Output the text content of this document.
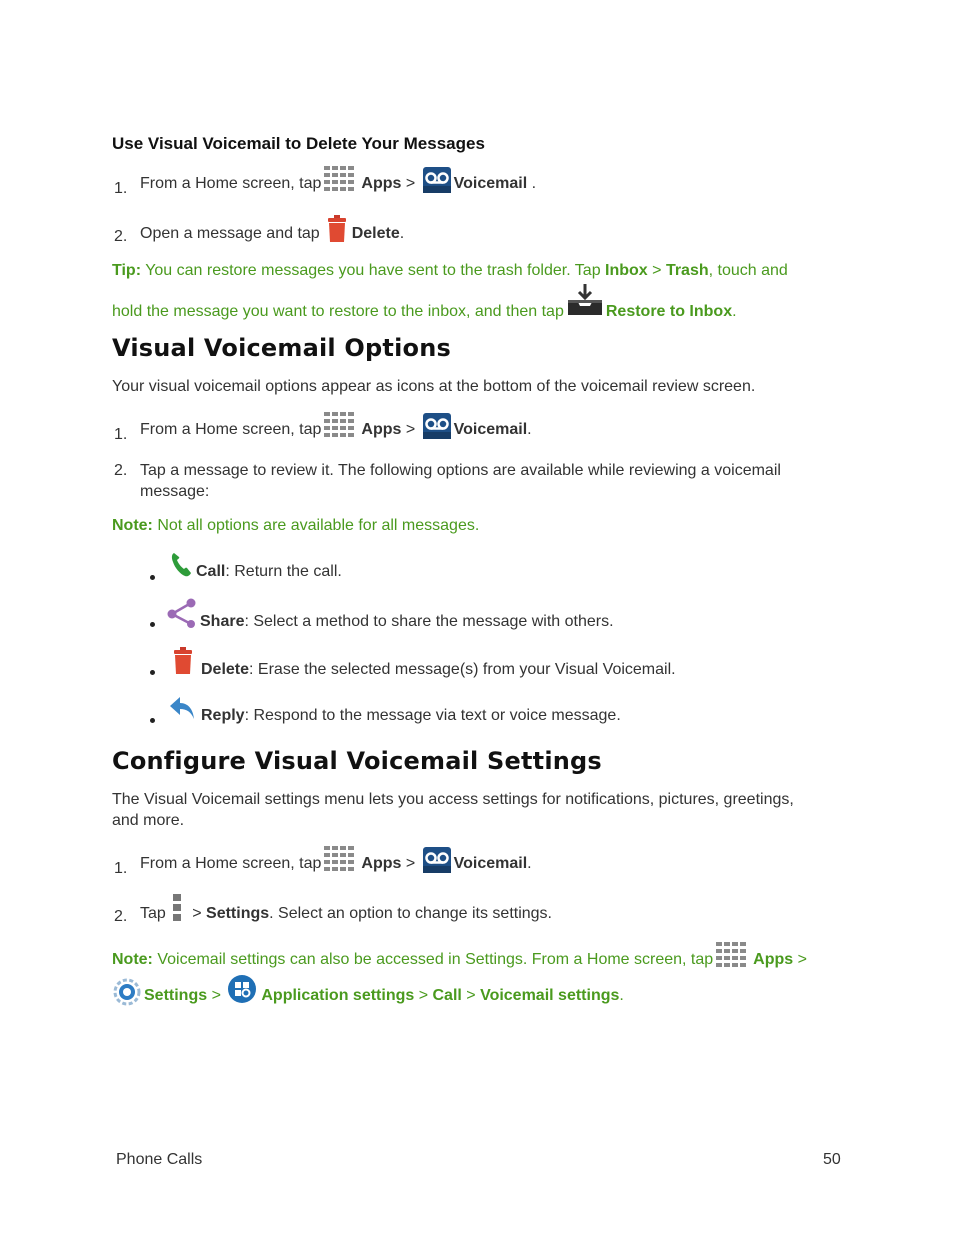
Use Visual Voicemail to Delete Your Messages
1. From a Home screen, tap	Apps > Voicemail .
2. Open a message and tap Delete.
Tip: You can restore messages you have sent to the trash folder. Tap Inbox > Trash, touch and
hold the message you want to restore to the inbox, and then tap	Restore to Inbox.
Visual Voicemail Options
Your visual voicemail options appear as icons at the bottom of the voicemail review screen.
1. From a Home screen, tap	Apps > Voicemail.
2. Tap a message to review it. The following options are available while reviewing a voicemail message:
Note: Not all options are available for all messages.
Call: Return the call.
Share: Select a method to share the message with others.
Delete: Erase the selected message(s) from your Visual Voicemail.
Reply: Respond to the message via text or voice message.
Configure Visual Voicemail Settings
The Visual Voicemail settings menu lets you access settings for notifications, pictures, greetings, and more.
1. From a Home screen, tap	Apps > Voicemail.
2. Tap > Settings. Select an option to change its settings.
Note: Voicemail settings can also be accessed in Settings. From a Home screen, tap	Apps >
Settings > Application settings > Call > Voicemail settings.
Phone Calls	50
